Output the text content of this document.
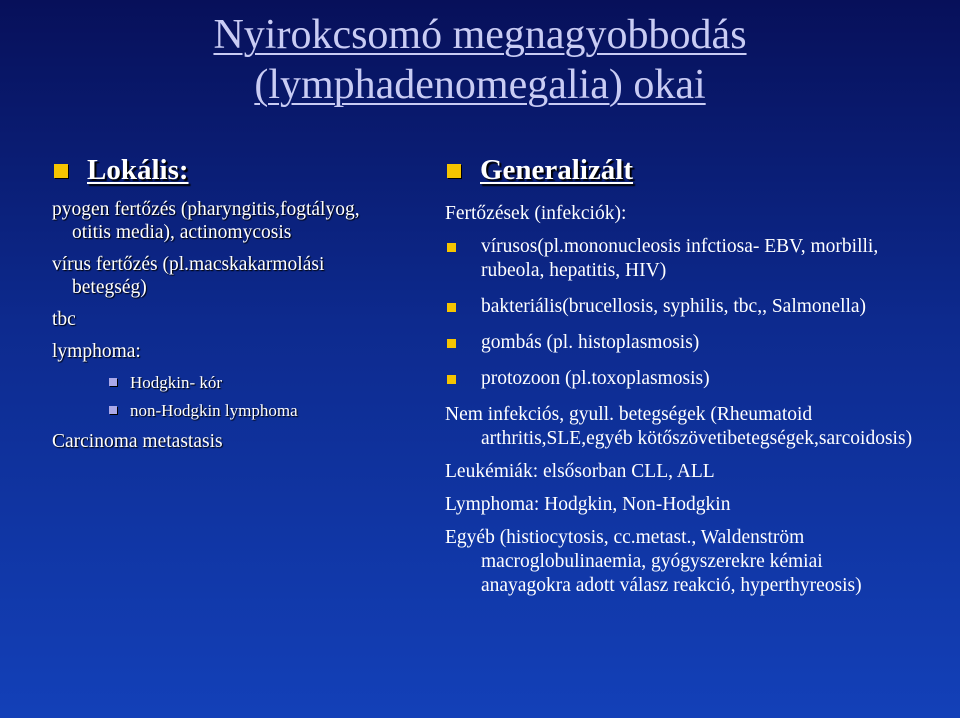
Nyirokcsomó megnagyobbodás
(lymphadenomegalia) okai
Lokális:
pyogen fertőzés (pharyngitis,fogtályog, otitis media), actinomycosis
vírus fertőzés (pl.macskakarmolási betegség)
tbc
lymphoma:
Hodgkin- kór
non-Hodgkin lymphoma
Carcinoma metastasis
Generalizált
Fertőzések (infekciók):
vírusos(pl.mononucleosis infctiosa- EBV, morbilli, rubeola, hepatitis, HIV)
bakteriális(brucellosis, syphilis, tbc,, Salmonella)
gombás (pl. histoplasmosis)
protozoon (pl.toxoplasmosis)
Nem infekciós, gyull. betegségek (Rheumatoid arthritis,SLE,egyéb kötőszövetibetegségek,sarcoidosis)
Leukémiák: elsősorban CLL, ALL
Lymphoma: Hodgkin, Non-Hodgkin
Egyéb (histiocytosis, cc.metast., Waldenström macroglobulinaemia, gyógyszerekre kémiai anayagokra adott válasz reakció, hyperthyreosis)
